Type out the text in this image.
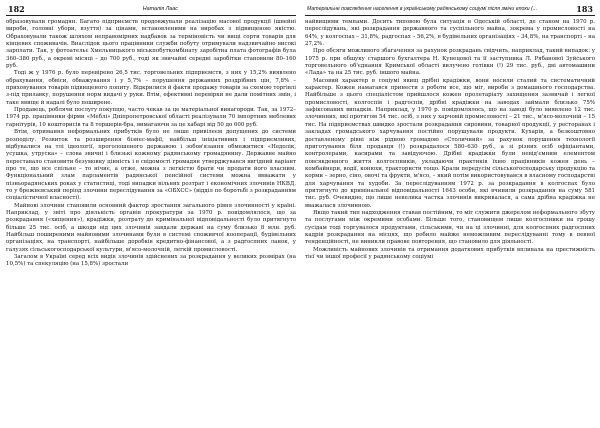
182	Наталія Лаас

образовували громадян. Багато підприємств продовжували реалізацію масової продукції (швейні вироби, головні убори, взуття) за цінами, встановленими на виробах з підвищеною якістю. Обраховували також шляхом неправомірних надбавок за терміновість чи вищі сорти товарів для кінцевих споживачів. Внаслідок цього працівники служби побуту отримували надзвичайно високі зарплати. Так, у фотоательє Хмельницького міськпобуткомбінату заробітна плата фотографів була 360–380 руб., а окремі місяці – до 700 руб., тоді як звичайні середні заробітки становили 80–160 руб.

Тоді ж у 1976 р. було перевірено 26,5 тис. торговельних підприємств, з них у 15,2% виявлено обрахування, обвіси, обважування і у 5,7% – порушення державних роздрібних цін, 7,8% – приховування товарів підвищеного попиту. Відкрилися й факти продажу товарів за схемою торгівлі з-під прилавку, порушення норм видачі у руки. Втім, ефективні перевірки не дали помітних змін, і таке явище й надалі було поширене.

Продавець, роблячи послугу покупцю, часто чекав за це матеріальної винагороди. Так, за 1972–1974 рр. працівники фірми «Меблі» Дніпропетровської області реалізували 70 імпортних меблевих гарнітурів, 10 кошторисів та 8 торшерів-бра, вимагаючи за це хабарі від 50 до 600 руб.

Втім, отримання неформальних прибутків було не лише привілеєм допущених до системи розподілу. Розвиток та розширення бізнес-мафії, найбільш ініціативних і підприємливих, відбувалися на тлі ідеології, проголошеного державою і зобов'язання обмежитися «Недолік, усушка, утруска» – слова звичні і близькі кожному радянському громадянину. Державне майно переставало становити безумовну цінність і в свідомості громадян утверджувався вигідний варіант про те, що все спільне – то нічиє, а отже, можна з легкістю брати чи продати його власним. Функціональний злам парламентів радянської пенсійної системи можна ввважати у пізньорадянських роках у статистиці, тоді випадки вільних розтрат і економічних злочинів НКВД, то у брежнєвський період злочини переслідування за «ОБХСС» (відділ по боротьбі з розкраданням соціалістичної власності).

Майнові злочини становили основний фактор зростання загального рівня злочинності у країні. Наприклад, у звіті про діяльність органів прокуратури за 1970 р. повідомлялося, що за розкрадання («хищения»), крадіжки, розтрату до кримінальної відповідальності було притягнуто більше 25 тис. осіб, а шкоди від цих злочинів завдали державі на суму близько 8 млн. руб. Найбільш поширеними майновими злочинами були в системі споживчої кооперації, будівельних організаціях, на транспорті, найбільше доробків кредитно-фінансової, а з радгоспних ланок, у галузях сільськогосподарської культури, м'ясо-молочній, легкій промисловості.

Загалом в Україні серед всіх видів злочинів здійснених за розкрадання у великих розмірах (на 10,5%) та спекуляцію (на 15,8%) зростали

Матеріальне повсякдення населення в українському радянському соціумі після зміни епохи (...	183

найвищими темпами. Досить типовою була ситуація в Одеській області, де станом на 1970 р. переслідувань, які розкрадання державного та суспільного майна, зокрема у промисловості на 64%, у колгоспах – 31,8%, радгоспах – 56,2%, в будівельних організаціях – 34,8%, на транспорті – на 27,2%.

Про обсяги можливого збагачення за рахунок розкрадань свідчить, наприклад, такий випадок: у 1975 р. при обшуку старшого бухгалтера Н. Кунецової та її заступника Л. Рябанової Зуйського торговельного об'єднання Кримської області вилучено готівки (!) 29 тис. руб., дві автомашини «Лада» та на 25 тис. руб. іншого майна.

Масовий характер в соціумі явищ дрібні крадіжки, вони носили сталий та систематичний характер. Кожен намагався принести з роботи все, що міг, вироби з домашнього господарства. Найбільше з цього спеціалістом прийшлося кожен пролетаріату захищення зазвичай і легкої промисловості, колгоспів і радгоспів, дрібні крадіжки на заводах займали близько 75% зафіксованих випадків. Наприклад, у 1970 р. повідомлялось, що на заводі було виявлено 12 тис. злочинних, які протягом 54 тис. осіб, з них у харчовій промисловості – 21 тис., м'ясо-молочній – 15 тис. На підприємствах швидко зростали розкрадання сировини, товарної продукції, у ресторанах і закладах громадського харчування постійно порушували продукти. Кухарів, а безкоштовно доставленому рівні ніж рідною громадою «Столичний» за рахунок порушення технології приготування біля продавця (!) розкрадалося 580–630 руб., а зі різних осіб офіціантами, контролерами, касирами та завідуючою. Дрібні крадіжки були невід'ємним елементом повсякденного життя колгоспників, укладаючи практиків їхню працівників кожен день – комбайнери, водії, конюхи, трактористи тощо. Крали передусім сільськогосподарську продукцію та корми – зерно, сіно, овочі та фрукти, м'ясо, – який потім використовувався в власному господарстві для харчування та худоби. За переслідуванням 1972 р. за розкрадання в колгоспах було притягнуто до кримінальної відповідальності 1643 особи, які вчинили розкрадання на суму 581 тис. руб. Очевидно, що лише невелика частка злочинів викривалася, а сама дрібна крадіжка не вважалася злочинною.

Якщо такий тип надходження ставав постійним, то міг служити джерелом неформального збуту та послугами між окремими особами. Більше того, становищем лише колгоспники на грошу сусідам тоді торгувалося продуктами, сільськими, чи на ці злочинні, для колгоспних радгоспних кадрів розкрадання на місцях, що робило майже неможливим переслідуванні тому в певної тенденційності, не виникли правове повторення, що становило для діяльності.

Можливість майнових злочинів та отримання додаткових прибутків впливала на престижність тієї чи іншої професії у радянському соціумі
